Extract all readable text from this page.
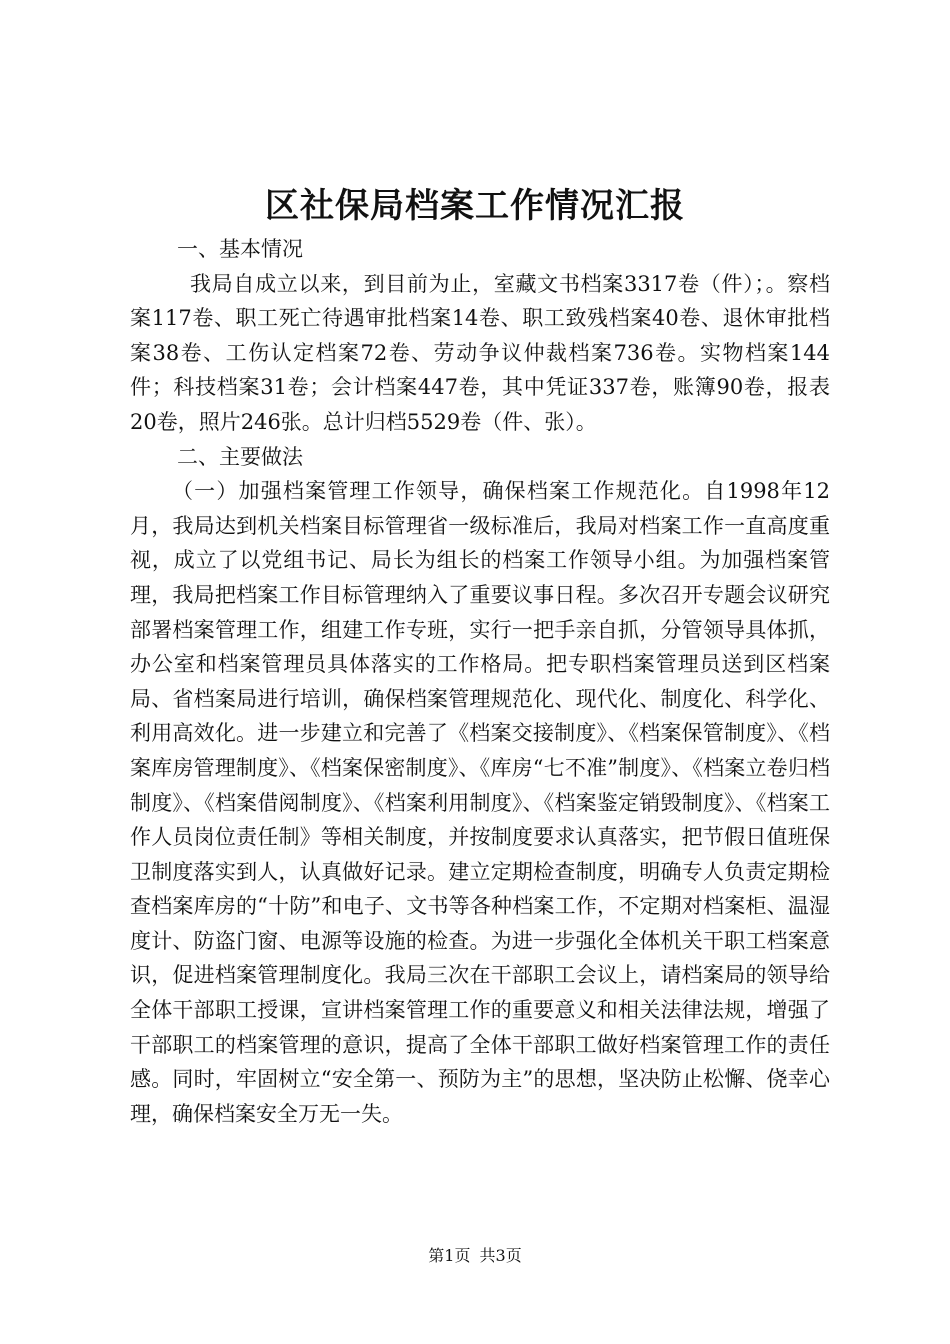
区社保局档案工作情况汇报

一、基本情况

我局自成立以来，到目前为止，室藏文书档案3317卷（件）；。察档案117卷、职工死亡待遇审批档案14卷、职工致残档案40卷、退休审批档案38卷、工伤认定档案72卷、劳动争议仲裁档案736卷。实物档案144件；科技档案31卷；会计档案447卷，其中凭证337卷，账簿90卷，报表20卷，照片246张。总计归档5529卷（件、张）。

二、主要做法

（一）加强档案管理工作领导，确保档案工作规范化。自1998年12月，我局达到机关档案目标管理省一级标准后，我局对档案工作一直高度重视，成立了以党组书记、局长为组长的档案工作领导小组。为加强档案管理，我局把档案工作目标管理纳入了重要议事日程。多次召开专题会议研究部署档案管理工作，组建工作专班，实行一把手亲自抓，分管领导具体抓，办公室和档案管理员具体落实的工作格局。把专职档案管理员送到区档案局、省档案局进行培训，确保档案管理规范化、现代化、制度化、科学化、利用高效化。进一步建立和完善了《档案交接制度》、《档案保管制度》、《档案库房管理制度》、《档案保密制度》、《库房“七不准”制度》、《档案立卷归档制度》、《档案借阅制度》、《档案利用制度》、《档案鉴定销毁制度》、《档案工作人员岗位责任制》等相关制度，并按制度要求认真落实，把节假日值班保卫制度落实到人，认真做好记录。建立定期检查制度，明确专人负责定期检查档案库房的“十防”和电子、文书等各种档案工作，不定期对档案柜、温湿度计、防盗门窗、电源等设施的检查。为进一步强化全体机关干职工档案意识，促进档案管理制度化。我局三次在干部职工会议上，请档案局的领导给全体干部职工授课，宣讲档案管理工作的重要意义和相关法律法规，增强了干部职工的档案管理的意识，提高了全体干部职工做好档案管理工作的责任感。同时，牢固树立“安全第一、预防为主”的思想，坚决防止松懈、侥幸心理，确保档案安全万无一失。

第1页 共3页
